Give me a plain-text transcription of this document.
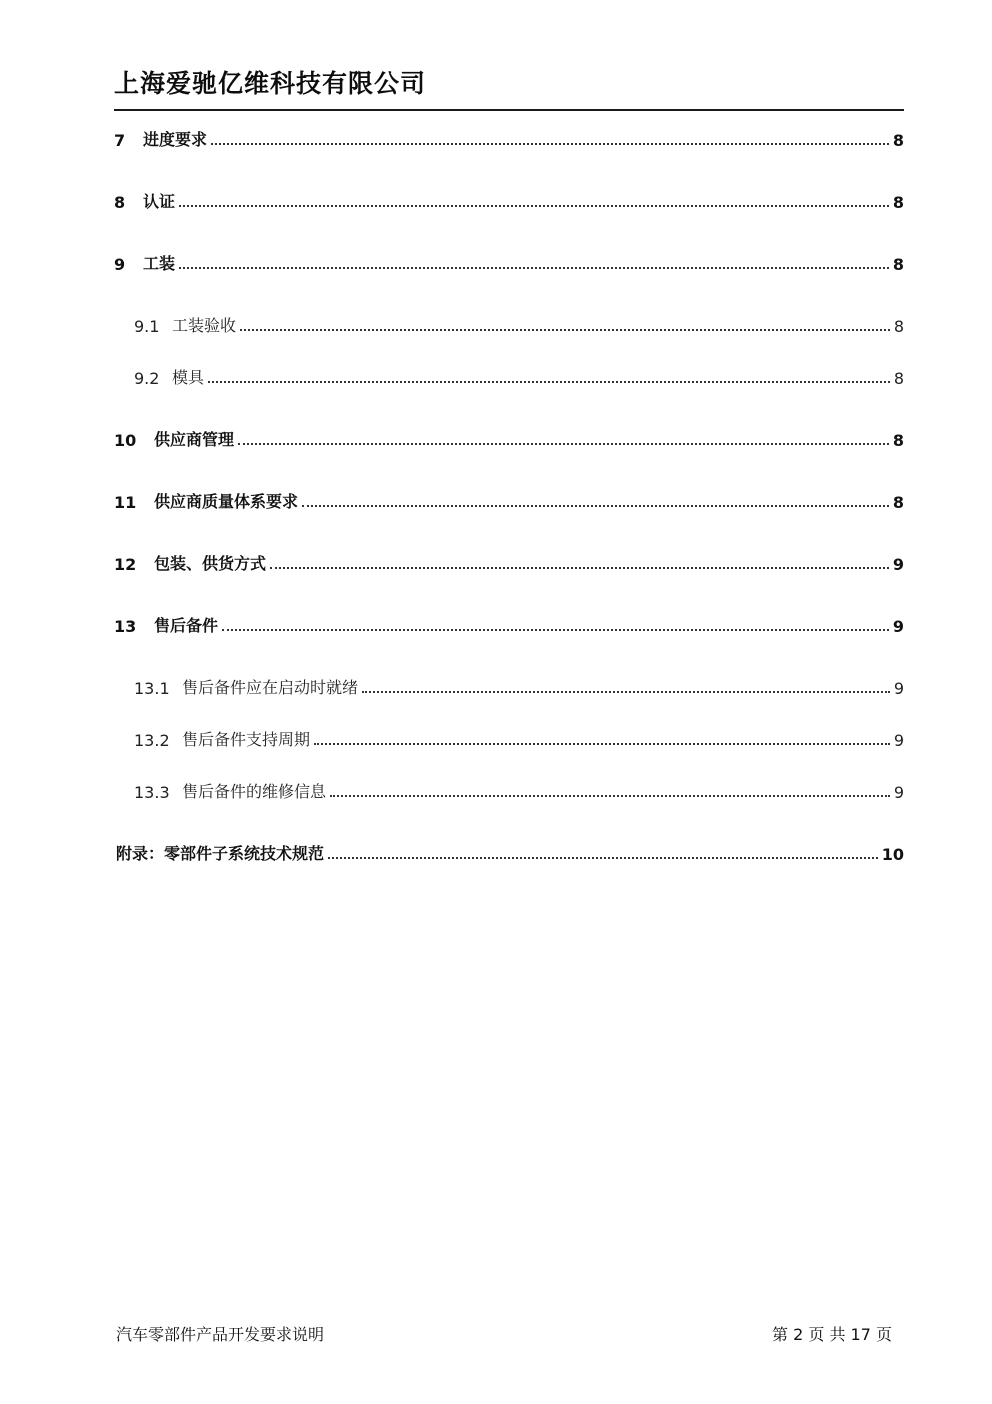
上海爱驰亿维科技有限公司
7	进度要求	8
8	认证	8
9	工装	8
9.1 工装验收	8
9.2 模具	8
10	供应商管理	8
11	供应商质量体系要求	8
12	包装、供货方式	9
13	售后备件	9
13.1 售后备件应在启动时就绪	9
13.2 售后备件支持周期	9
13.3 售后备件的维修信息	9
附录：零部件子系统技术规范	10
汽车零部件产品开发要求说明	第 2 页 共 17 页
